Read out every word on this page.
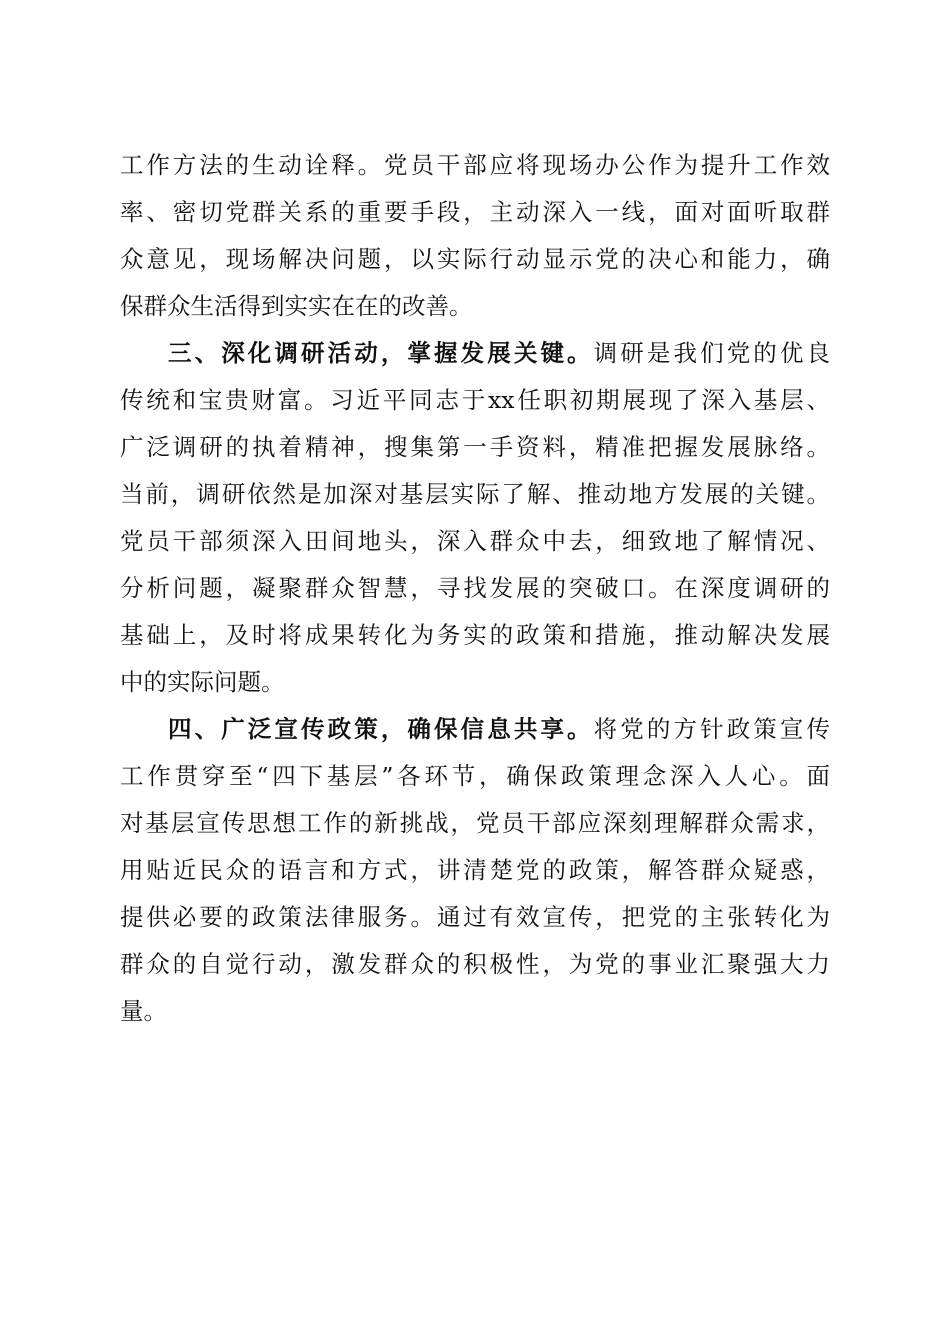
工作方法的生动诠释。党员干部应将现场办公作为提升工作效
率、密切党群关系的重要手段，主动深入一线，面对面听取群
众意见，现场解决问题，以实际行动显示党的决心和能力，确
保群众生活得到实实在在的改善。
三、深化调研活动，掌握发展关键。调研是我们党的优良
传统和宝贵财富。习近平同志于xx任职初期展现了深入基层、
广泛调研的执着精神，搜集第一手资料，精准把握发展脉络。
当前，调研依然是加深对基层实际了解、推动地方发展的关键。
党员干部须深入田间地头，深入群众中去，细致地了解情况、
分析问题，凝聚群众智慧，寻找发展的突破口。在深度调研的
基础上，及时将成果转化为务实的政策和措施，推动解决发展
中的实际问题。
四、广泛宣传政策，确保信息共享。将党的方针政策宣传
工作贯穿至“四下基层”各环节，确保政策理念深入人心。面
对基层宣传思想工作的新挑战，党员干部应深刻理解群众需求，
用贴近民众的语言和方式，讲清楚党的政策，解答群众疑惑，
提供必要的政策法律服务。通过有效宣传，把党的主张转化为
群众的自觉行动，激发群众的积极性，为党的事业汇聚强大力
量。
